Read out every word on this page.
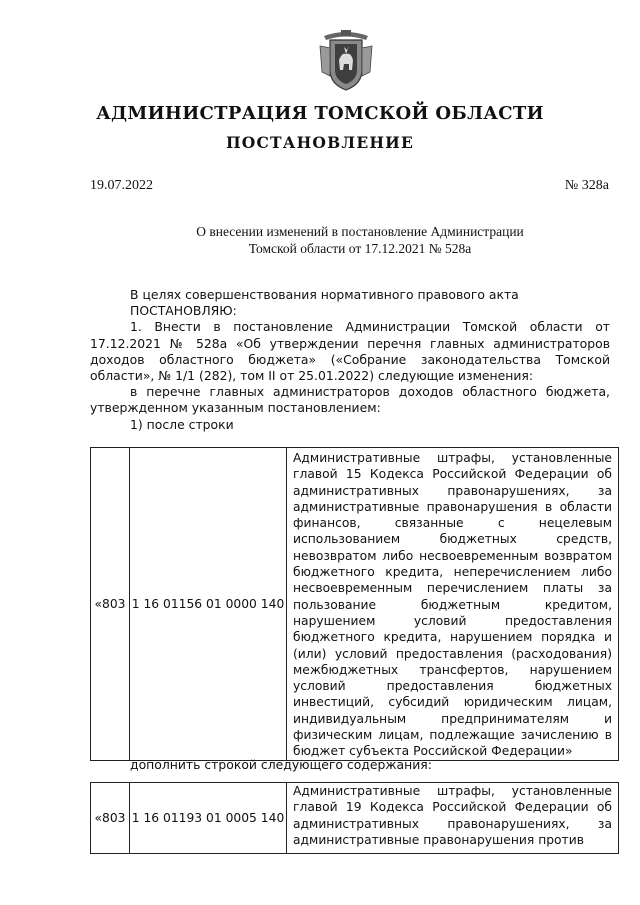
АДМИНИСТРАЦИЯ ТОМСКОЙ ОБЛАСТИ
ПОСТАНОВЛЕНИЕ
19.07.2022	№ 328а
О внесении изменений в постановление Администрации
Томской области от 17.12.2021 № 528а

В целях совершенствования нормативного правового акта

ПОСТАНОВЛЯЮ:

1. Внести в постановление Администрации Томской области от 17.12.2021 № 528а «Об утверждении перечня главных администраторов доходов областного бюджета» («Собрание законодательства Томской области», № 1/1 (282), том II от 25.01.2022) следующие изменения:

в перечне главных администраторов доходов областного бюджета, утвержденном указанным постановлением:

1) после строки

«803	1 16 01156 01 0000 140	Административные штрафы, установленные главой 15 Кодекса Российской Федерации об административных правонарушениях, за административные правонарушения в области финансов, связанные с нецелевым использованием бюджетных средств, невозвратом либо несвоевременным возвратом бюджетного кредита, неперечислением либо несвоевременным перечислением платы за пользование бюджетным кредитом, нарушением условий предоставления бюджетного кредита, нарушением порядка и (или) условий предоставления (расходования) межбюджетных трансфертов, нарушением условий предоставления бюджетных инвестиций, субсидий юридическим лицам, индивидуальным предпринимателям и физическим лицам, подлежащие зачислению в бюджет субъекта Российской Федерации»
дополнить строкой следующего содержания:
«803	1 16 01193 01 0005 140	Административные штрафы, установленные главой 19 Кодекса Российской Федерации об административных правонарушениях, за административные правонарушения против
